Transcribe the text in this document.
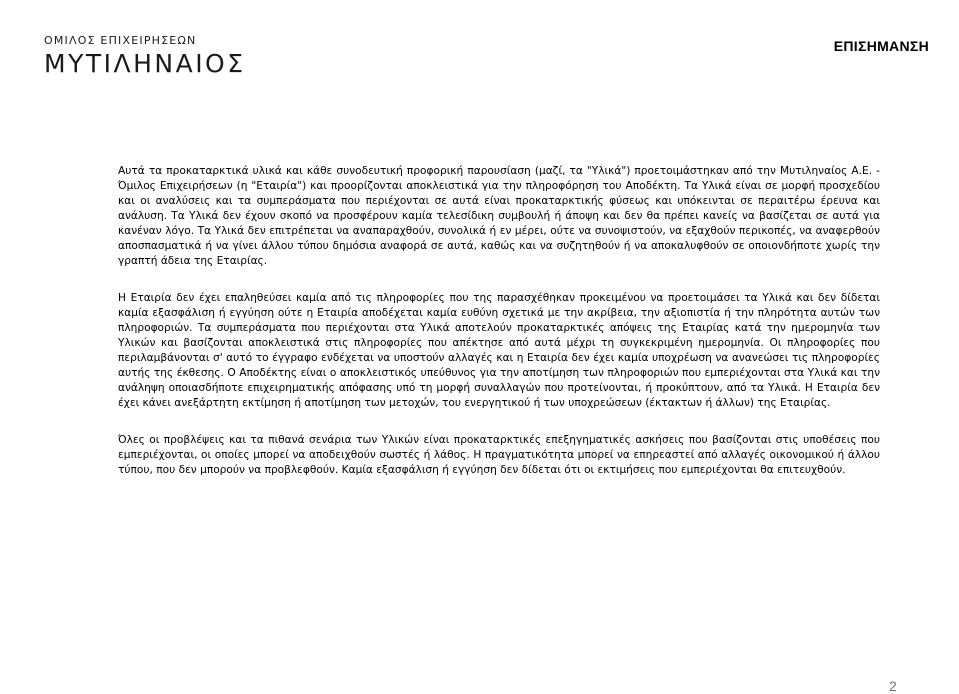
ΟΜΙΛΟΣ ΕΠΙΧΕΙΡΗΣΕΩΝ
ΜΥΤΙΛΗΝΑΙΟΣ
ΕΠΙΣΗΜΑΝΣΗ

Αυτά τα προκαταρκτικά υλικά και κάθε συνοδευτική προφορική παρουσίαση (μαζί, τα "Υλικά") προετοιμάστηκαν από την Μυτιληναίος Α.Ε. - Όμιλος Επιχειρήσεων (η "Εταιρία") και προορίζονται αποκλειστικά για την πληροφόρηση του Αποδέκτη. Τα Υλικά είναι σε μορφή προσχεδίου και οι αναλύσεις και τα συμπεράσματα που περιέχονται σε αυτά είναι προκαταρκτικής φύσεως και υπόκεινται σε περαιτέρω έρευνα και ανάλυση. Τα Υλικά δεν έχουν σκοπό να προσφέρουν καμία τελεσίδικη συμβουλή ή άποψη και δεν θα πρέπει κανείς να βασίζεται σε αυτά για κανέναν λόγο. Τα Υλικά δεν επιτρέπεται να αναπαραχθούν, συνολικά ή εν μέρει, ούτε να συνοψιστούν, να εξαχθούν περικοπές, να αναφερθούν αποσπασματικά ή να γίνει άλλου τύπου δημόσια αναφορά σε αυτά, καθώς και να συζητηθούν ή να αποκαλυφθούν σε οποιονδήποτε χωρίς την γραπτή άδεια της Εταιρίας.

Η Εταιρία δεν έχει επαληθεύσει καμία από τις πληροφορίες που της παρασχέθηκαν προκειμένου να προετοιμάσει τα Υλικά και δεν δίδεται καμία εξασφάλιση ή εγγύηση ούτε η Εταιρία αποδέχεται καμία ευθύνη σχετικά με την ακρίβεια, την αξιοπιστία ή την πληρότητα αυτών των πληροφοριών. Τα συμπεράσματα που περιέχονται στα Υλικά αποτελούν προκαταρκτικές απόψεις της Εταιρίας κατά την ημερομηνία των Υλικών και βασίζονται αποκλειστικά στις πληροφορίες που απέκτησε από αυτά μέχρι τη συγκεκριμένη ημερομηνία. Οι πληροφορίες που περιλαμβάνονται σ' αυτό το έγγραφο ενδέχεται να υποστούν αλλαγές και η Εταιρία δεν έχει καμία υποχρέωση να ανανεώσει τις πληροφορίες αυτής της έκθεσης. Ο Αποδέκτης είναι ο αποκλειστικός υπεύθυνος για την αποτίμηση των πληροφοριών που εμπεριέχονται στα Υλικά και την ανάληψη οποιασδήποτε επιχειρηματικής απόφασης υπό τη μορφή συναλλαγών που προτείνονται, ή προκύπτουν, από τα Υλικά. Η Εταιρία δεν έχει κάνει ανεξάρτητη εκτίμηση ή αποτίμηση των μετοχών, του ενεργητικού ή των υποχρεώσεων (έκτακτων ή άλλων) της Εταιρίας.

Όλες οι προβλέψεις και τα πιθανά σενάρια των Υλικών είναι προκαταρκτικές επεξηγηματικές ασκήσεις που βασίζονται στις υποθέσεις που εμπεριέχονται, οι οποίες μπορεί να αποδειχθούν σωστές ή λάθος. Η πραγματικότητα μπορεί να επηρεαστεί από αλλαγές οικονομικού ή άλλου τύπου, που δεν μπορούν να προβλεφθούν. Καμία εξασφάλιση ή εγγύηση δεν δίδεται ότι οι εκτιμήσεις που εμπεριέχονται θα επιτευχθούν.

2
